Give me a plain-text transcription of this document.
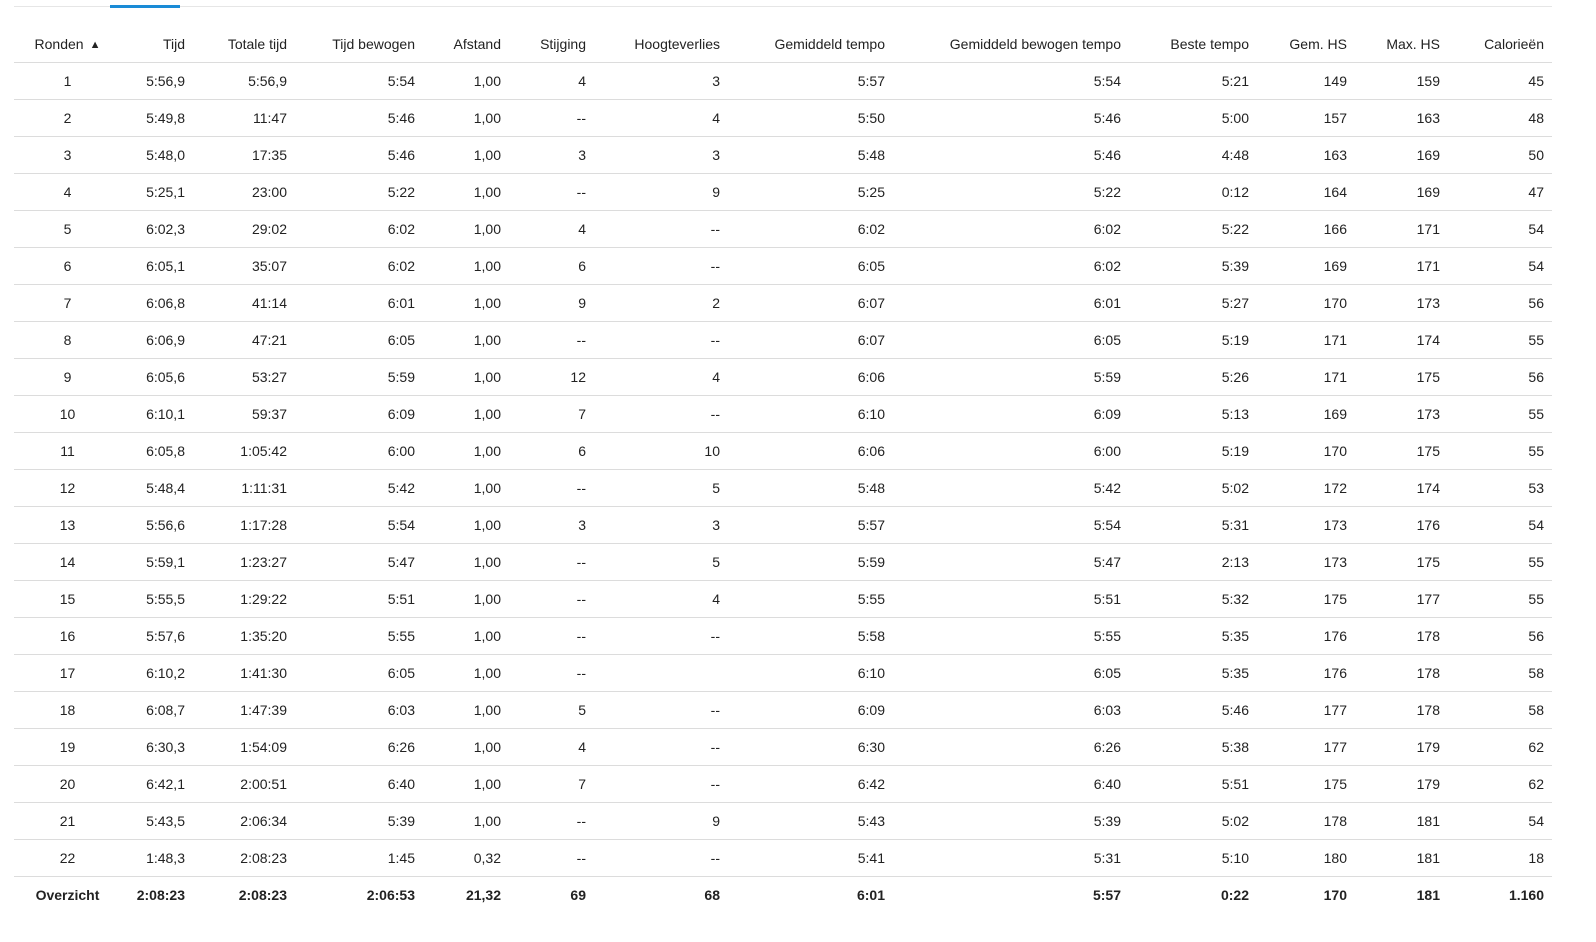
Ronden ▲	Tijd	Totale tijd	Tijd bewogen	Afstand	Stijging	Hoogteverlies	Gemiddeld tempo	Gemiddeld bewogen tempo	Beste tempo	Gem. HS	Max. HS	Calorieën
1	5:56,9	5:56,9	5:54	1,00	4	3	5:57	5:54	5:21	149	159	45
2	5:49,8	11:47	5:46	1,00	--	4	5:50	5:46	5:00	157	163	48
3	5:48,0	17:35	5:46	1,00	3	3	5:48	5:46	4:48	163	169	50
4	5:25,1	23:00	5:22	1,00	--	9	5:25	5:22	0:12	164	169	47
5	6:02,3	29:02	6:02	1,00	4	--	6:02	6:02	5:22	166	171	54
6	6:05,1	35:07	6:02	1,00	6	--	6:05	6:02	5:39	169	171	54
7	6:06,8	41:14	6:01	1,00	9	2	6:07	6:01	5:27	170	173	56
8	6:06,9	47:21	6:05	1,00	--	--	6:07	6:05	5:19	171	174	55
9	6:05,6	53:27	5:59	1,00	12	4	6:06	5:59	5:26	171	175	56
10	6:10,1	59:37	6:09	1,00	7	--	6:10	6:09	5:13	169	173	55
11	6:05,8	1:05:42	6:00	1,00	6	10	6:06	6:00	5:19	170	175	55
12	5:48,4	1:11:31	5:42	1,00	--	5	5:48	5:42	5:02	172	174	53
13	5:56,6	1:17:28	5:54	1,00	3	3	5:57	5:54	5:31	173	176	54
14	5:59,1	1:23:27	5:47	1,00	--	5	5:59	5:47	2:13	173	175	55
15	5:55,5	1:29:22	5:51	1,00	--	4	5:55	5:51	5:32	175	177	55
16	5:57,6	1:35:20	5:55	1,00	--	--	5:58	5:55	5:35	176	178	56
17	6:10,2	1:41:30	6:05	1,00	--		6:10	6:05	5:35	176	178	58
18	6:08,7	1:47:39	6:03	1,00	5	--	6:09	6:03	5:46	177	178	58
19	6:30,3	1:54:09	6:26	1,00	4	--	6:30	6:26	5:38	177	179	62
20	6:42,1	2:00:51	6:40	1,00	7	--	6:42	6:40	5:51	175	179	62
21	5:43,5	2:06:34	5:39	1,00	--	9	5:43	5:39	5:02	178	181	54
22	1:48,3	2:08:23	1:45	0,32	--	--	5:41	5:31	5:10	180	181	18
Overzicht	2:08:23	2:08:23	2:06:53	21,32	69	68	6:01	5:57	0:22	170	181	1.160
